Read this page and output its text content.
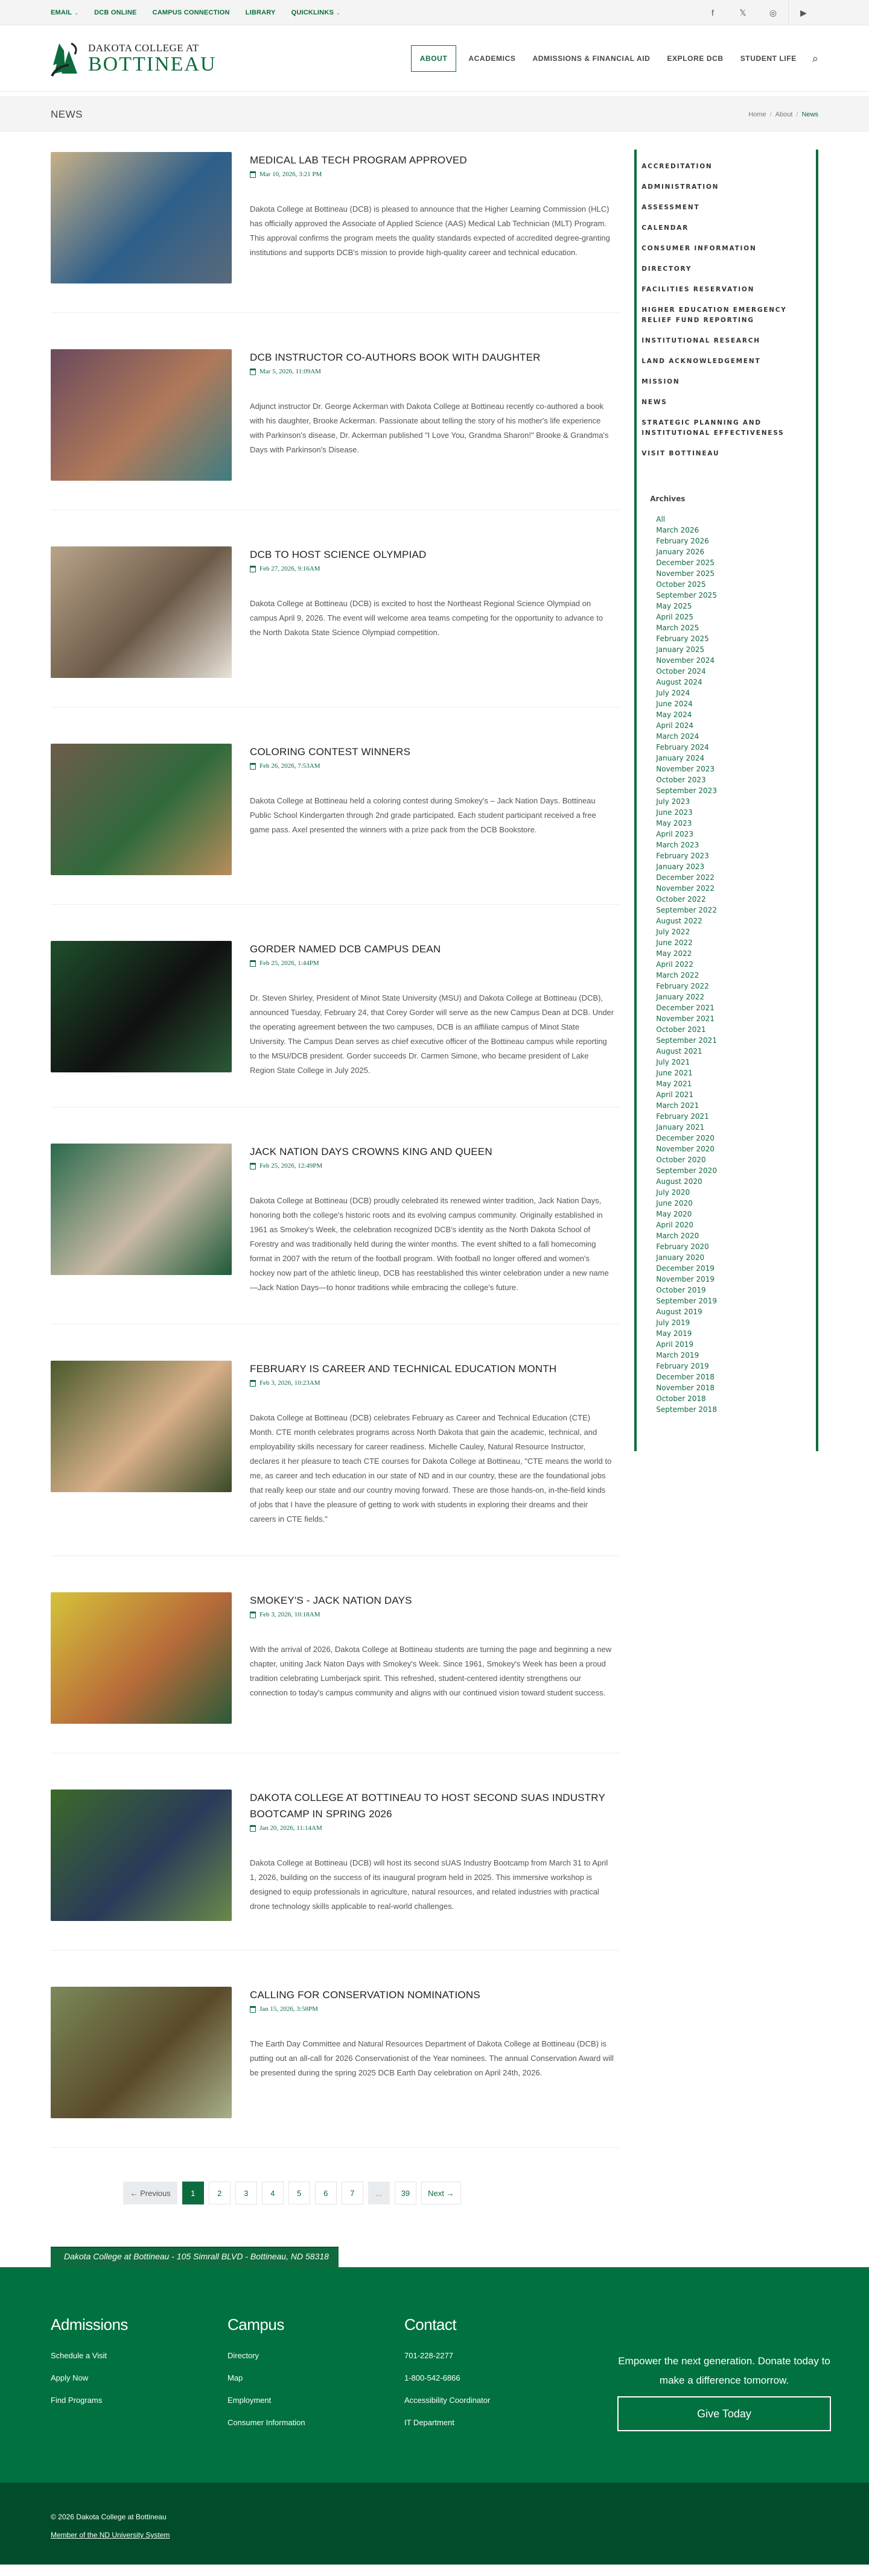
EMAIL ⌄ DCB ONLINE CAMPUS CONNECTION LIBRARY QUICKLINKS ⌄	f	𝕏	◎	▶
DAKOTA COLLEGE AT
BOTTINEAU	ABOUT	ACADEMICS	ADMISSIONS & FINANCIAL AID	EXPLORE DCB	STUDENT LIFE	⌕
NEWS	Home / About / News
MEDICAL LAB TECH PROGRAM APPROVED
Mar 10, 2026, 3:21 PM

Dakota College at Bottineau (DCB) is pleased to announce that the Higher Learning Commission (HLC) has officially approved the Associate of Applied Science (AAS) Medical Lab Technician (MLT) Program. This approval confirms the program meets the quality standards expected of accredited degree-granting institutions and supports DCB's mission to provide high-quality career and technical education.

DCB INSTRUCTOR CO-AUTHORS BOOK WITH DAUGHTER
Mar 5, 2026, 11:09AM

Adjunct instructor Dr. George Ackerman with Dakota College at Bottineau recently co-authored a book with his daughter, Brooke Ackerman. Passionate about telling the story of his mother's life experience with Parkinson's disease, Dr. Ackerman published "I Love You, Grandma Sharon!" Brooke & Grandma's Days with Parkinson's Disease.

DCB TO HOST SCIENCE OLYMPIAD
Feb 27, 2026, 9:16AM

Dakota College at Bottineau (DCB) is excited to host the Northeast Regional Science Olympiad on campus April 9, 2026. The event will welcome area teams competing for the opportunity to advance to the North Dakota State Science Olympiad competition.

COLORING CONTEST WINNERS
Feb 26, 2026, 7:53AM

Dakota College at Bottineau held a coloring contest during Smokey's – Jack Nation Days. Bottineau Public School Kindergarten through 2nd grade participated. Each student participant received a free game pass. Axel presented the winners with a prize pack from the DCB Bookstore.

GORDER NAMED DCB CAMPUS DEAN
Feb 25, 2026, 1:44PM

Dr. Steven Shirley, President of Minot State University (MSU) and Dakota College at Bottineau (DCB), announced Tuesday, February 24, that Corey Gorder will serve as the new Campus Dean at DCB. Under the operating agreement between the two campuses, DCB is an affiliate campus of Minot State University. The Campus Dean serves as chief executive officer of the Bottineau campus while reporting to the MSU/DCB president. Gorder succeeds Dr. Carmen Simone, who became president of Lake Region State College in July 2025.

JACK NATION DAYS CROWNS KING AND QUEEN
Feb 25, 2026, 12:49PM

Dakota College at Bottineau (DCB) proudly celebrated its renewed winter tradition, Jack Nation Days, honoring both the college's historic roots and its evolving campus community. Originally established in 1961 as Smokey's Week, the celebration recognized DCB's identity as the North Dakota School of Forestry and was traditionally held during the winter months. The event shifted to a fall homecoming format in 2007 with the return of the football program. With football no longer offered and women's hockey now part of the athletic lineup, DCB has reestablished this winter celebration under a new name—Jack Nation Days—to honor traditions while embracing the college's future.

FEBRUARY IS CAREER AND TECHNICAL EDUCATION MONTH
Feb 3, 2026, 10:23AM

Dakota College at Bottineau (DCB) celebrates February as Career and Technical Education (CTE) Month. CTE month celebrates programs across North Dakota that gain the academic, technical, and employability skills necessary for career readiness. Michelle Cauley, Natural Resource Instructor, declares it her pleasure to teach CTE courses for Dakota College at Bottineau, "CTE means the world to me, as career and tech education in our state of ND and in our country, these are the foundational jobs that really keep our state and our country moving forward. These are those hands-on, in-the-field kinds of jobs that I have the pleasure of getting to work with students in exploring their dreams and their careers in CTE fields."

SMOKEY'S - JACK NATION DAYS
Feb 3, 2026, 10:18AM

With the arrival of 2026, Dakota College at Bottineau students are turning the page and beginning a new chapter, uniting Jack Naton Days with Smokey's Week. Since 1961, Smokey's Week has been a proud tradition celebrating Lumberjack spirit. This refreshed, student-centered identity strengthens our connection to today's campus community and aligns with our continued vision toward student success.

DAKOTA COLLEGE AT BOTTINEAU TO HOST SECOND SUAS INDUSTRY BOOTCAMP IN SPRING 2026
Jan 20, 2026, 11:14AM

Dakota College at Bottineau (DCB) will host its second sUAS Industry Bootcamp from March 31 to April 1, 2026, building on the success of its inaugural program held in 2025. This immersive workshop is designed to equip professionals in agriculture, natural resources, and related industries with practical drone technology skills applicable to real-world challenges.

CALLING FOR CONSERVATION NOMINATIONS
Jan 15, 2026, 3:58PM

The Earth Day Committee and Natural Resources Department of Dakota College at Bottineau (DCB) is putting out an all-call for 2026 Conservationist of the Year nominees. The annual Conservation Award will be presented during the spring 2025 DCB Earth Day celebration on April 24th, 2026.

← Previous	1	2	3	4	5	6	7	...	39	Next →
ACCREDITATION
ADMINISTRATION
ASSESSMENT
CALENDAR
CONSUMER INFORMATION
DIRECTORY
FACILITIES RESERVATION
HIGHER EDUCATION EMERGENCY RELIEF FUND REPORTING
INSTITUTIONAL RESEARCH
LAND ACKNOWLEDGEMENT
MISSION
NEWS
STRATEGIC PLANNING AND INSTITUTIONAL EFFECTIVENESS
VISIT BOTTINEAU
Archives
All
March 2026
February 2026
January 2026
December 2025
November 2025
October 2025
September 2025
May 2025
April 2025
March 2025
February 2025
January 2025
November 2024
October 2024
August 2024
July 2024
June 2024
May 2024
April 2024
March 2024
February 2024
January 2024
November 2023
October 2023
September 2023
July 2023
June 2023
May 2023
April 2023
March 2023
February 2023
January 2023
December 2022
November 2022
October 2022
September 2022
August 2022
July 2022
June 2022
May 2022
April 2022
March 2022
February 2022
January 2022
December 2021
November 2021
October 2021
September 2021
August 2021
July 2021
June 2021
May 2021
April 2021
March 2021
February 2021
January 2021
December 2020
November 2020
October 2020
September 2020
August 2020
July 2020
June 2020
May 2020
April 2020
March 2020
February 2020
January 2020
December 2019
November 2019
October 2019
September 2019
August 2019
July 2019
May 2019
April 2019
March 2019
February 2019
December 2018
November 2018
October 2018
September 2018
Dakota College at Bottineau - 105 Simrall BLVD - Bottineau, ND 58318
Admissions
Schedule a Visit
Apply Now
Find Programs
Campus
Directory
Map
Employment
Consumer Information
Contact
701-228-2277
1-800-542-6866
Accessibility Coordinator
IT Department

Empower the next generation. Donate today to make a difference tomorrow.

Give Today

© 2026 Dakota College at Bottineau

Member of the ND University System
